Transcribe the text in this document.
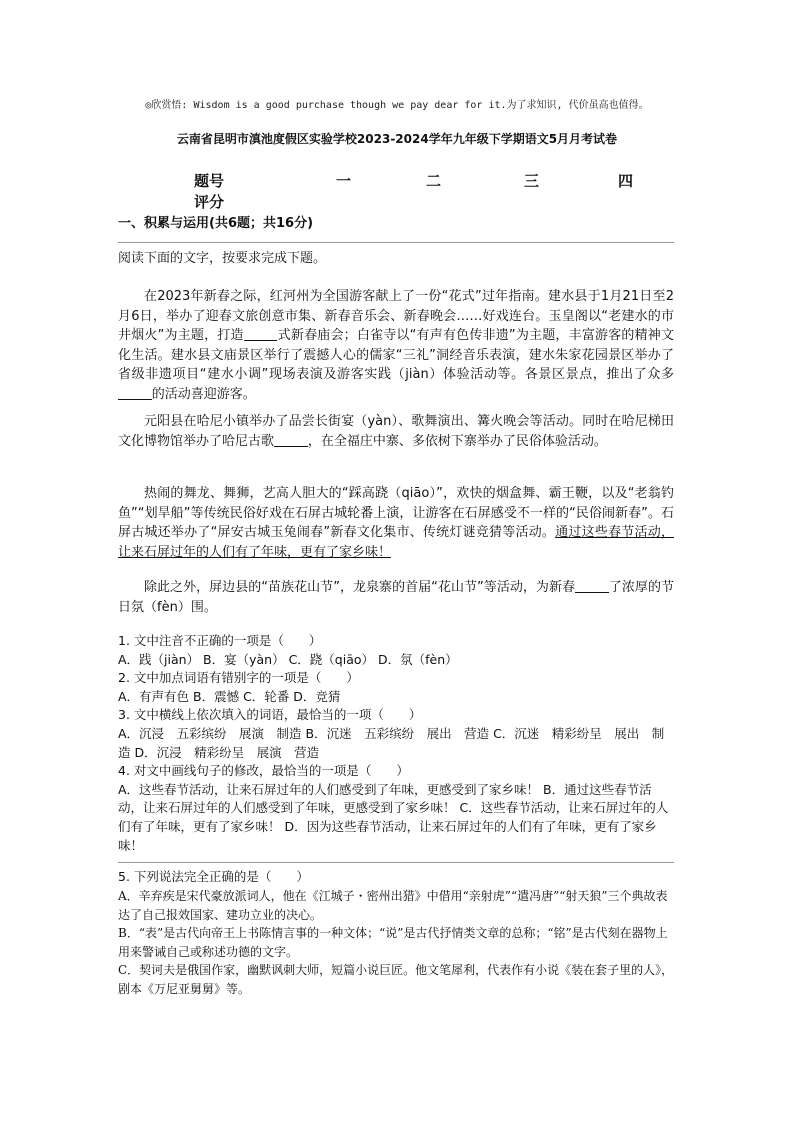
◎欣赏悟: Wisdom is a good purchase though we pay dear for it.为了求知识, 代价虽高也值得。
云南省昆明市滇池度假区实验学校2023-2024学年九年级下学期语文5月月考试卷
题号	一	二	三	四
评分
一、积累与运用(共6题；共16分)
阅读下面的文字，按要求完成下题。
在2023年新春之际，红河州为全国游客献上了一份“花式”过年指南。建水县于1月21日至2月6日，举办了迎春文旅创意市集、新春音乐会、新春晚会……好戏连台。玉皇阁以“老建水的市井烟火”为主题，打造	式新春庙会；白雀寺以“有声有色传非遗”为主题，丰富游客的精神文化生活。建水县文庙景区举行了震撼人心的儒家“三礼”洞经音乐表演，建水朱家花园景区举办了省级非遗项目“建水小调”现场表演及游客实践（jiàn）体验活动等。各景区景点，推出了众多的活动喜迎游客。
元阳县在哈尼小镇举办了品尝长街宴（yàn）、歌舞演出、篝火晚会等活动。同时在哈尼梯田文化博物馆举办了哈尼古歌	，在全福庄中寨、多依树下寨举办了民俗体验活动。
热闹的舞龙、舞狮，艺高人胆大的“踩高跷（qiāo）”，欢快的烟盒舞、霸王鞭，以及“老翁钓鱼”“划旱船”等传统民俗好戏在石屏古城轮番上演，让游客在石屏感受不一样的“民俗闹新春”。石屏古城还举办了“屏安古城玉兔闹春”新春文化集市、传统灯谜竞猜等活动。通过这些春节活动，让来石屏过年的人们有了年味，更有了家乡味！
除此之外，屏边县的“苗族花山节”，龙泉寨的首届“花山节”等活动，为新春	了浓厚的节日氛（fèn）围。

1. 文中注音不正确的一项是（　　）

A．践（jiàn） B．宴（yàn） C．跷（qiāo） D．氛（fèn）

2. 文中加点词语有错别字的一项是（　　）

A．有声有色 B．震憾 C．轮番 D．竞猜

3. 文中横线上依次填入的词语，最恰当的一项（　　）

A．沉浸　五彩缤纷　展演　制造 B．沉迷　五彩缤纷　展出　营造 C．沉迷　精彩纷呈　展出　制造 D．沉浸　精彩纷呈　展演　营造

4. 对文中画线句子的修改，最恰当的一项是（　　）

A．这些春节活动，让来石屏过年的人们感受到了年味，更感受到了家乡味！ B．通过这些春节活动，让来石屏过年的人们感受到了年味，更感受到了家乡味！ C．这些春节活动，让来石屏过年的人们有了年味，更有了家乡味！ D．因为这些春节活动，让来石屏过年的人们有了年味，更有了家乡味！

5. 下列说法完全正确的是（　　）

A．辛弃疾是宋代豪放派词人，他在《江城子・密州出猎》中借用“亲射虎”“遣冯唐”“射天狼”三个典故表达了自己报效国家、建功立业的决心。

B．“表”是古代向帝王上书陈情言事的一种文体；“说”是古代抒情类文章的总称；“铭”是古代刻在器物上用来警诫自己或称述功德的文字。

C．契诃夫是俄国作家，幽默讽刺大师，短篇小说巨匠。他文笔犀利，代表作有小说《装在套子里的人》，剧本《万尼亚舅舅》等。
